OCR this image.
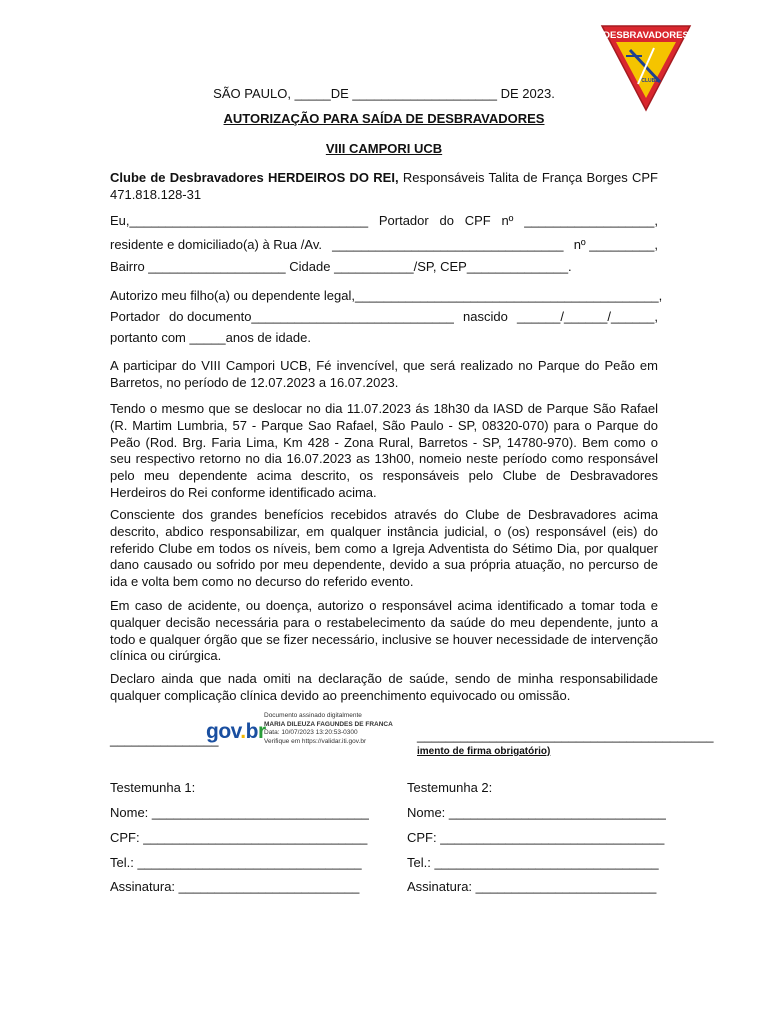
DESBRAVADORES
CLUBE
SÃO PAULO, _____DE ____________________ DE 2023.
AUTORIZAÇÃO PARA SAÍDA DE DESBRAVADORES
VIII CAMPORI UCB
Clube de Desbravadores HERDEIROS DO REI, Responsáveis Talita de França Borges CPF 471.818.128-31
Eu,_________________________________ Portador do CPF nº __________________,
residente e domiciliado(a) à Rua /Av. ________________________________ nº _________,
Bairro ___________________ Cidade ___________/SP, CEP______________.
Autorizo meu filho(a) ou dependente legal, __________________________________________,
Portador do documento____________________________ nascido ______/______/______,
portanto com _____anos de idade.
A participar do VIII Campori UCB, Fé invencível, que será realizado no Parque do Peão em Barretos, no período de 12.07.2023 a 16.07.2023.
Tendo o mesmo que se deslocar no dia 11.07.2023 ás 18h30 da IASD de Parque São Rafael (R. Martim Lumbria, 57 - Parque Sao Rafael, São Paulo - SP, 08320-070) para o Parque do Peão (Rod. Brg. Faria Lima, Km 428 - Zona Rural, Barretos - SP, 14780-970). Bem como o seu respectivo retorno no dia 16.07.2023 as 13h00, nomeio neste período como responsável pelo meu dependente acima descrito, os responsáveis pelo Clube de Desbravadores Herdeiros do Rei conforme identificado acima.
Consciente dos grandes benefícios recebidos através do Clube de Desbravadores acima descrito, abdico responsabilizar, em qualquer instância judicial, o (os) responsável (eis) do referido Clube em todos os níveis, bem como a Igreja Adventista do Sétimo Dia, por qualquer dano causado ou sofrido por meu dependente, devido a sua própria atuação, no percurso de ida e volta bem como no decurso do referido evento.
Em caso de acidente, ou doença, autorizo o responsável acima identificado a tomar toda e qualquer decisão necessária para o restabelecimento da saúde do meu dependente, junto a todo e qualquer órgão que se fizer necessário, inclusive se houver necessidade de intervenção clínica ou cirúrgica.
Declaro ainda que nada omiti na declaração de saúde, sendo de minha responsabilidade qualquer complicação clínica devido ao preenchimento equivocado ou omissão.
_______________
gov.br
Documento assinado digitalmente
MARIA DILEUZA FAGUNDES DE FRANCA
Data: 10/07/2023 13:20:53-0300
Verifique em https://validar.iti.gov.br	_________________________________________
imento de firma obrigatório)
Testemunha 1:
Nome: ______________________________
CPF: _______________________________
Tel.: _______________________________
Assinatura: _________________________
Testemunha 2:
Nome: ______________________________
CPF: _______________________________
Tel.: _______________________________
Assinatura: _________________________
